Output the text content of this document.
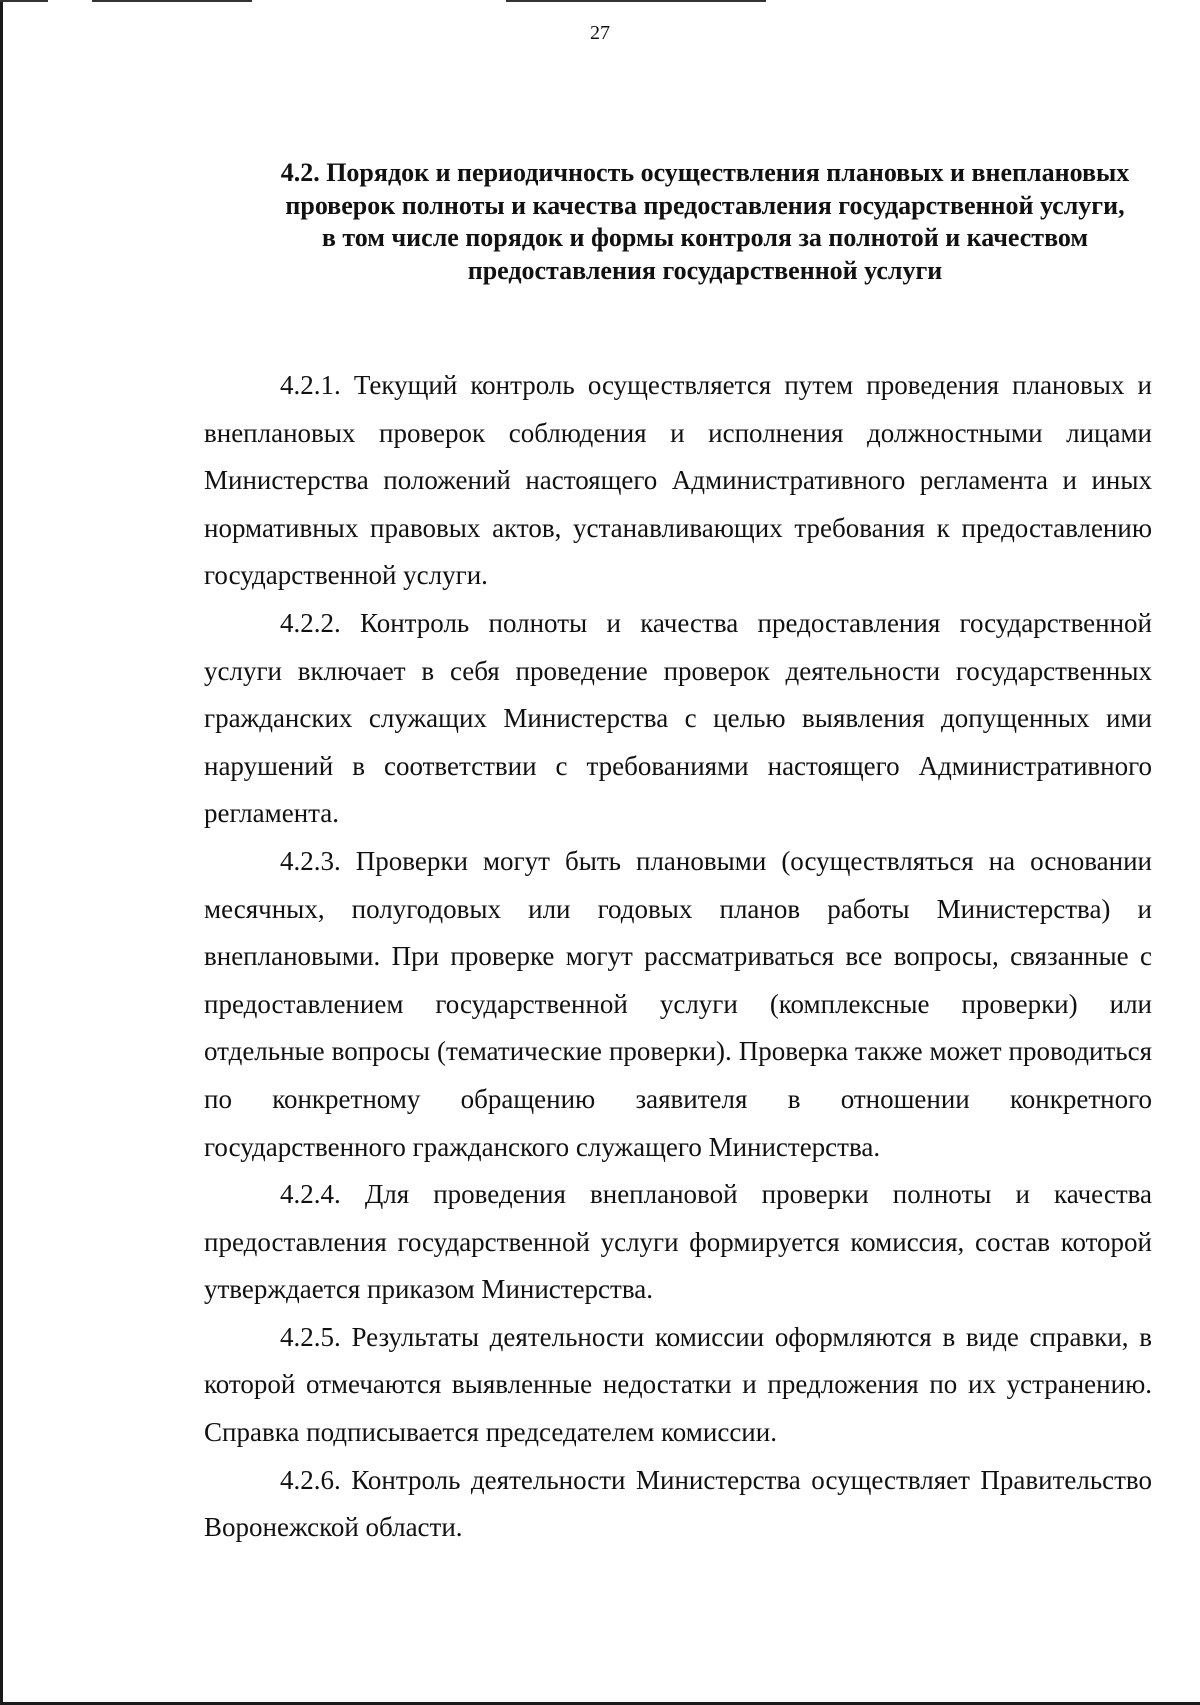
27
4.2. Порядок и периодичность осуществления плановых и внеплановых проверок полноты и качества предоставления государственной услуги, в том числе порядок и формы контроля за полнотой и качеством предоставления государственной услуги

4.2.1. Текущий контроль осуществляется путем проведения плановых и внеплановых проверок соблюдения и исполнения должностными лицами Министерства положений настоящего Административного регламента и иных нормативных правовых актов, устанавливающих требования к предоставлению государственной услуги.

4.2.2. Контроль полноты и качества предоставления государственной услуги включает в себя проведение проверок деятельности государственных гражданских служащих Министерства с целью выявления допущенных ими нарушений в соответствии с требованиями настоящего Административного регламента.

4.2.3. Проверки могут быть плановыми (осуществляться на основании месячных, полугодовых или годовых планов работы Министерства) и внеплановыми. При проверке могут рассматриваться все вопросы, связанные с предоставлением государственной услуги (комплексные проверки) или отдельные вопросы (тематические проверки). Проверка также может проводиться по конкретному обращению заявителя в отношении конкретного государственного гражданского служащего Министерства.

4.2.4. Для проведения внеплановой проверки полноты и качества предоставления государственной услуги формируется комиссия, состав которой утверждается приказом Министерства.

4.2.5. Результаты деятельности комиссии оформляются в виде справки, в которой отмечаются выявленные недостатки и предложения по их устранению. Справка подписывается председателем комиссии.

4.2.6. Контроль деятельности Министерства осуществляет Правительство Воронежской области.
